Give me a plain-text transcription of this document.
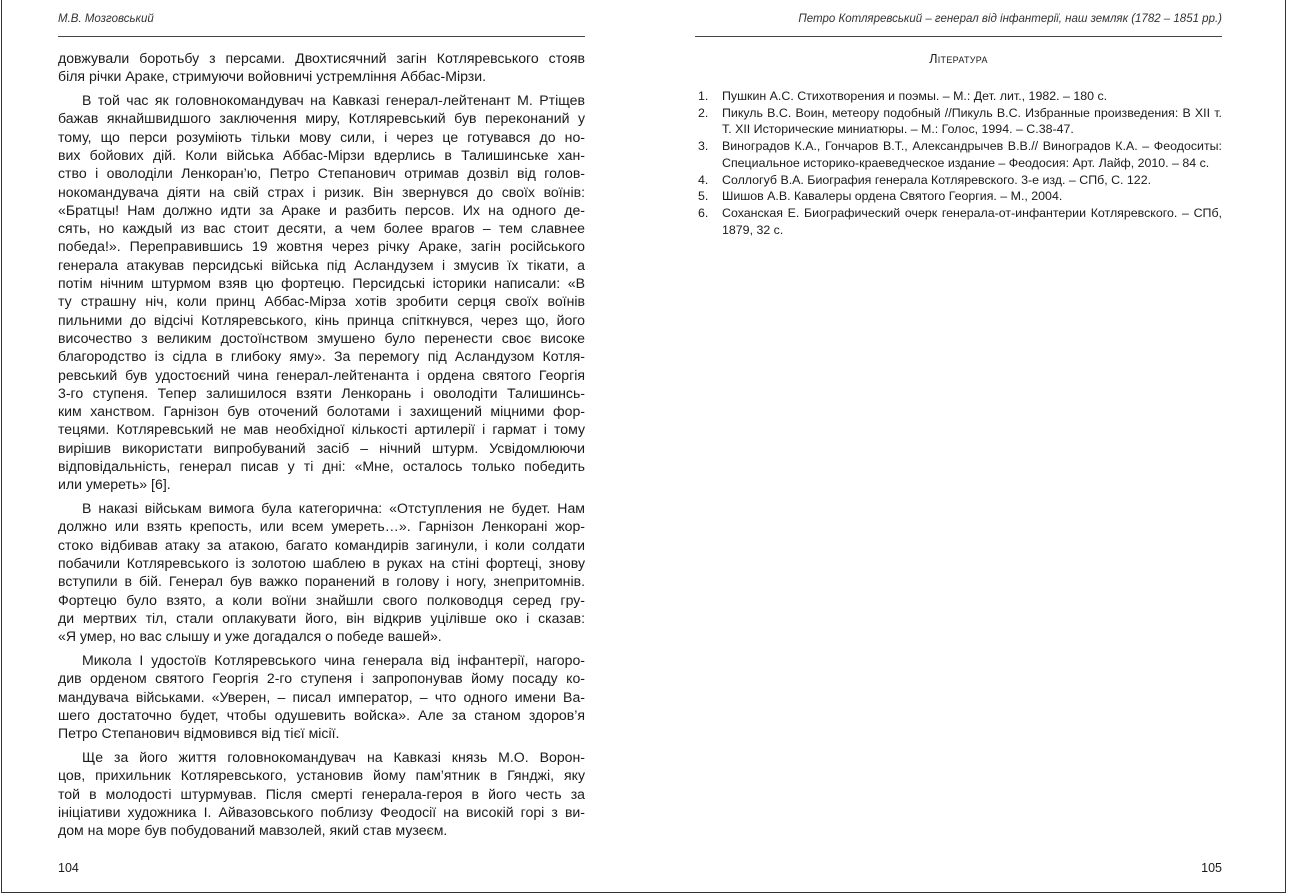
М.В. Мозговський
довжували боротьбу з персами. Двохтисячний загін Котляревського стояв
біля річки Араке, стримуючи войовничі устремління Аббас-Мірзи.
В той час як головнокомандувач на Кавказі генерал-лейтенант М. Ртіщев
бажав якнайшвидшого заключення миру, Котляревський був переконаний у
тому, що перси розуміють тільки мову сили, і через це готувався до но-
вих бойових дій. Коли війська Аббас-Мірзи вдерлись в Талишинське хан-
ство і оволоділи Ленкоран’ю, Петро Степанович отримав дозвіл від голов-
нокомандувача діяти на свій страх і ризик. Він звернувся до своїх воїнів:
«Братцы! Нам должно идти за Араке и разбить персов. Их на одного де-
сять, но каждый из вас стоит десяти, а чем более врагов – тем славнее
победа!». Переправившись 19 жовтня через річку Араке, загін російського
генерала атакував перcидські війська під Асландузем і змусив їх тікати, а
потім нічним штурмом взяв цю фортецю. Персидські історики написали: «В
ту страшну ніч, коли принц Аббас-Мірза хотів зробити серця своїх воїнів
пильними до відсічі Котляревського, кінь принца спіткнувся, через що, його
височество з великим достоїнством змушено було перенести своє високе
благородство із сідла в глибоку яму». За перемогу під Асландузом Котля-
ревський був удостоєний чина генерал-лейтенанта і ордена святого Георгія
3-го ступеня. Тепер залишилося взяти Ленкорань і оволодіти Талишинсь-
ким ханством. Гарнізон був оточений болотами і захищений міцними фор-
тецями. Котляревський не мав необхідної кількості артилерії і гармат і тому
вирішив використати випробуваний засіб – нічний штурм. Усвідомлюючи
відповідальність, генерал писав у ті дні: «Мне, осталось только победить
или умереть» [6].
В наказі військам вимога була категорична: «Отступления не будет. Нам
должно или взять крепость, или всем умереть…». Гарнізон Ленкорані жор-
стоко відбивав атаку за атакою, багато командирів загинули, і коли солдати
побачили Котляревського із золотою шаблею в руках на стіні фортеці, знову
вступили в бій. Генерал був важко поранений в голову і ногу, знепритомнів.
Фортецю було взято, а коли воїни знайшли свого полководця серед гру-
ди мертвих тіл, стали оплакувати його, він відкрив уцілівше око і сказав:
«Я умер, но вас слышу и уже догадался о победе вашей».
Микола І удостоїв Котляревського чина генерала від інфантерії, нагоро-
див орденом святого Георгія 2-го ступеня і запропонував йому посаду ко-
мандувача військами. «Уверен, – писал император, – что одного имени Ва-
шего достаточно будет, чтобы одушевить войска». Але за станом здоров’я
Петро Степанович відмовився від тієї місії.
Ще за його життя головнокомандувач на Кавказі князь М.О. Ворон-
цов, прихильник Котляревського, установив йому пам’ятник в Гянджі, яку
той в молодості штурмував. Після смерті генерала-героя в його честь за
ініціативи художника І. Айвазовського поблизу Феодосії на високій горі з ви-
дом на море був побудований мавзолей, який став музеєм.
104
Петро Котляревський – генерал від інфантерії, наш земляк (1782 – 1851 рр.)
Література
1.	Пушкин А.С. Стихотворения и поэмы. – М.: Дет. лит., 1982. – 180 с.
2.	Пикуль В.С. Воин, метеору подобный //Пикуль В.С. Избранные произведения: В XII т. Т. XII Исторические миниатюры. – М.: Голос, 1994. – С.38-47.
3.	Виноградов К.А., Гончаров В.Т., Александрычев В.В.// Виноградов К.А. – Феодоситы: Специальное историко-краеведческое издание – Феодосия: Арт. Лайф, 2010. – 84 с.
4.	Соллогуб В.А. Биография генерала Котляревского. 3-е изд. – СПб, С. 122.
5.	Шишов А.В. Кавалеры ордена Святого Георгия. – М., 2004.
6.	Соханская Е. Биографический очерк генерала-от-инфантерии Котляревского. – СПб, 1879, 32 с.
105
